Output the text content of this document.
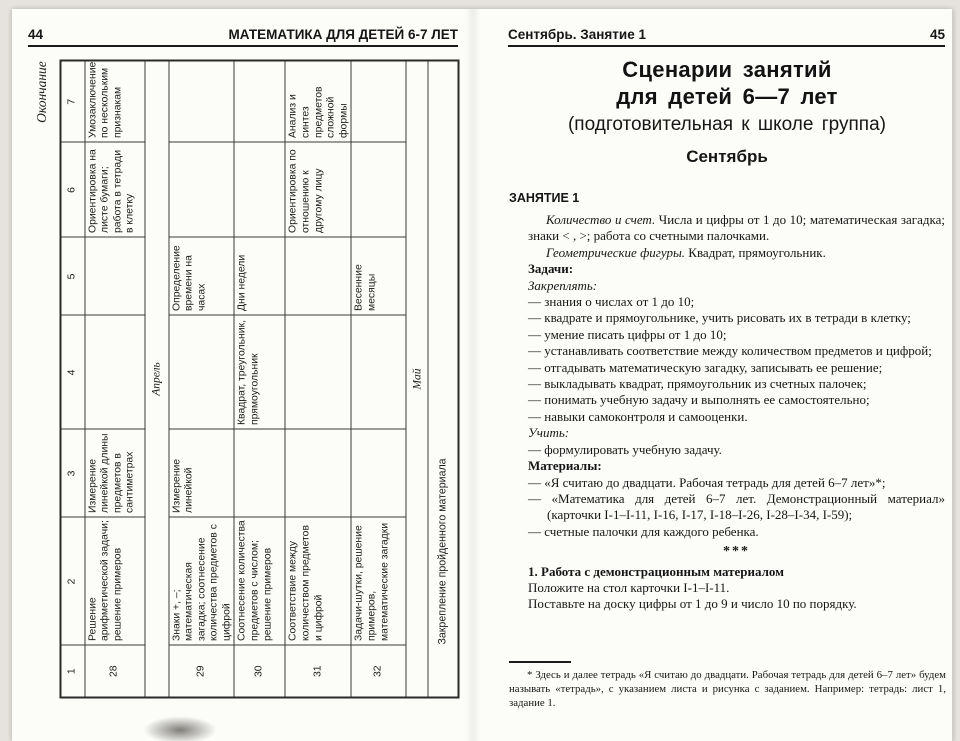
44	МАТЕМАТИКА ДЛЯ ДЕТЕЙ 6-7 ЛЕТ
Окончание
1	2	3	4	5	6	7
28	Решение арифметической задачи; решение примеров	Измерение линейкой длины предметов в сантиметрах			Ориентировка на листе бумаги; работа в тетради в клетку	Умозаключение по нескольким признакам
Апрель						
29	Знаки +, –; математическая загадка; соотнесение количества предметов с цифрой	Измерение линейкой		Определение времени на часах		
30	Соотнесение количества предметов с числом; решение примеров		Квадрат, треугольник, прямоугольник	Дни недели		
31	Соответствие между количеством предметов и цифрой				Ориентировка по отношению к другому лицу	Анализ и синтез предметов сложной формы
32	Задачи-шутки, решение примеров, математические загадки			Весенние месяцы		
Май						
Закрепление пройденного материала						
Сентябрь. Занятие 1	45
Сценарии занятий
для детей 6—7 лет
(подготовительная к школе группа)
Сентябрь
ЗАНЯТИЕ 1

Количество и счет. Числа и цифры от 1 до 10; математическая загадка; знаки < , >; работа со счетными палочками.

Геометрические фигуры. Квадрат, прямоугольник.

Задачи:

Закреплять:

— знания о числах от 1 до 10;

— квадрате и прямоугольнике, учить рисовать их в тетради в клетку;

— умение писать цифры от 1 до 10;

— устанавливать соответствие между количеством предметов и цифрой;

— отгадывать математическую загадку, записывать ее решение;

— выкладывать квадрат, прямоугольник из счетных палочек;

— понимать учебную задачу и выполнять ее самостоятельно;

— навыки самоконтроля и самооценки.

Учить:

— формулировать учебную задачу.

Материалы:

— «Я считаю до двадцати. Рабочая тетрадь для детей 6–7 лет»*;

— «Математика для детей 6–7 лет. Демонстрационный материал» (карточки I-1–I-11, I-16, I-17, I-18–I-26, I-28–I-34, I-59);

— счетные палочки для каждого ребенка.

***

1. Работа с демонстрационным материалом

Положите на стол карточки I-1–I-11.

Поставьте на доску цифры от 1 до 9 и число 10 по порядку.

* Здесь и далее тетрадь «Я считаю до двадцати. Рабочая тетрадь для детей 6–7 лет» будем называть «тетрадь», с указанием листа и рисунка с заданием. Например: тетрадь: лист 1, задание 1.
